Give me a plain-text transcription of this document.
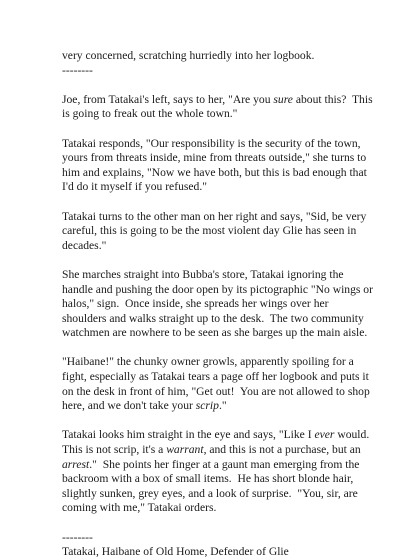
very concerned, scratching hurriedly into her logbook.
--------
Joe, from Tatakai's left, says to her, "Are you sure about this?  This
is going to freak out the whole town."
Tatakai responds, "Our responsibility is the security of the town,
yours from threats inside, mine from threats outside," she turns to
him and explains, "Now we have both, but this is bad enough that
I'd do it myself if you refused."
Tatakai turns to the other man on her right and says, "Sid, be very
careful, this is going to be the most violent day Glie has seen in
decades."
She marches straight into Bubba's store, Tatakai ignoring the
handle and pushing the door open by its pictographic "No wings or
halos," sign.  Once inside, she spreads her wings over her
shoulders and walks straight up to the desk.  The two community
watchmen are nowhere to be seen as she barges up the main aisle.
"Haibane!" the chunky owner growls, apparently spoiling for a
fight, especially as Tatakai tears a page off her logbook and puts it
on the desk in front of him, "Get out!  You are not allowed to shop
here, and we don't take your scrip."
Tatakai looks him straight in the eye and says, "Like I ever would.
This is not scrip, it's a warrant, and this is not a purchase, but an
arrest."  She points her finger at a gaunt man emerging from the
backroom with a box of small items.  He has short blonde hair,
slightly sunken, grey eyes, and a look of surprise.  "You, sir, are
coming with me," Tatakai orders.
--------
Tatakai, Haibane of Old Home, Defender of Glie
